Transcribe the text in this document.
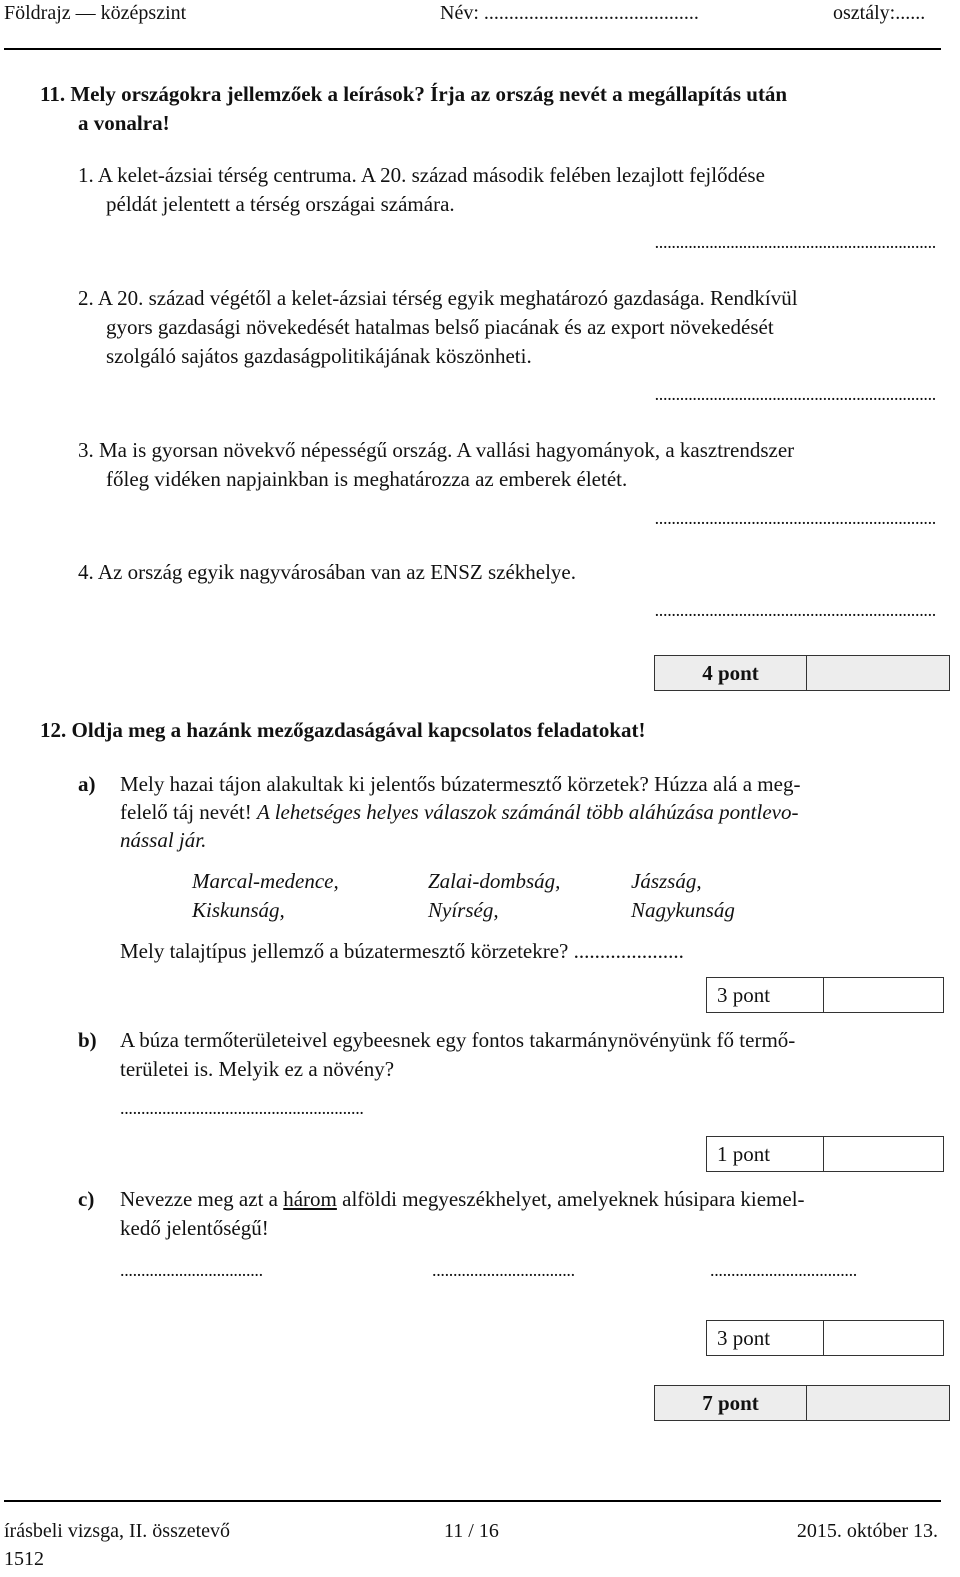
Földrajz — középszint	Név: ...........................................	osztály:......
11. Mely országokra jellemzőek a leírások? Írja az ország nevét a megállapítás után
a vonalra!
1. A kelet-ázsiai térség centruma. A 20. század második felében lezajlott fejlődése
példát jelentett a térség országai számára.
...................................................................
2. A 20. század végétől a kelet-ázsiai térség egyik meghatározó gazdasága. Rendkívül
gyors gazdasági növekedését hatalmas belső piacának és az export növekedését
szolgáló sajátos gazdaságpolitikájának köszönheti.
...................................................................
3. Ma is gyorsan növekvő népességű ország. A vallási hagyományok, a kasztrendszer
főleg vidéken napjainkban is meghatározza az emberek életét.
...................................................................
4. Az ország egyik nagyvárosában van az ENSZ székhelye.
...................................................................
4 pont
12. Oldja meg a hazánk mezőgazdaságával kapcsolatos feladatokat!
a) Mely hazai tájon alakultak ki jelentős búzatermesztő körzetek? Húzza alá a meg-
felelő táj nevét! A lehetséges helyes válaszok számánál több aláhúzása pontlevo-
nással jár.
Marcal-medence,	Zalai-dombság,	Jászság,
Kiskunság,	Nyírség,	Nagykunság
Mely talajtípus jellemző a búzatermesztő körzetekre? .....................
3 pont
b) A búza termőterületeivel egybeesnek egy fontos takarmánynövényünk fő termő-
területei is. Melyik ez a növény?
..........................................................
1 pont
c) Nevezze meg azt a három alföldi megyeszékhelyet, amelyeknek húsipara kiemel-
kedő jelentőségű!
..................................	..................................	...................................
3 pont
7 pont
írásbeli vizsga, II. összetevő
1512
11 / 16	2015. október 13.
